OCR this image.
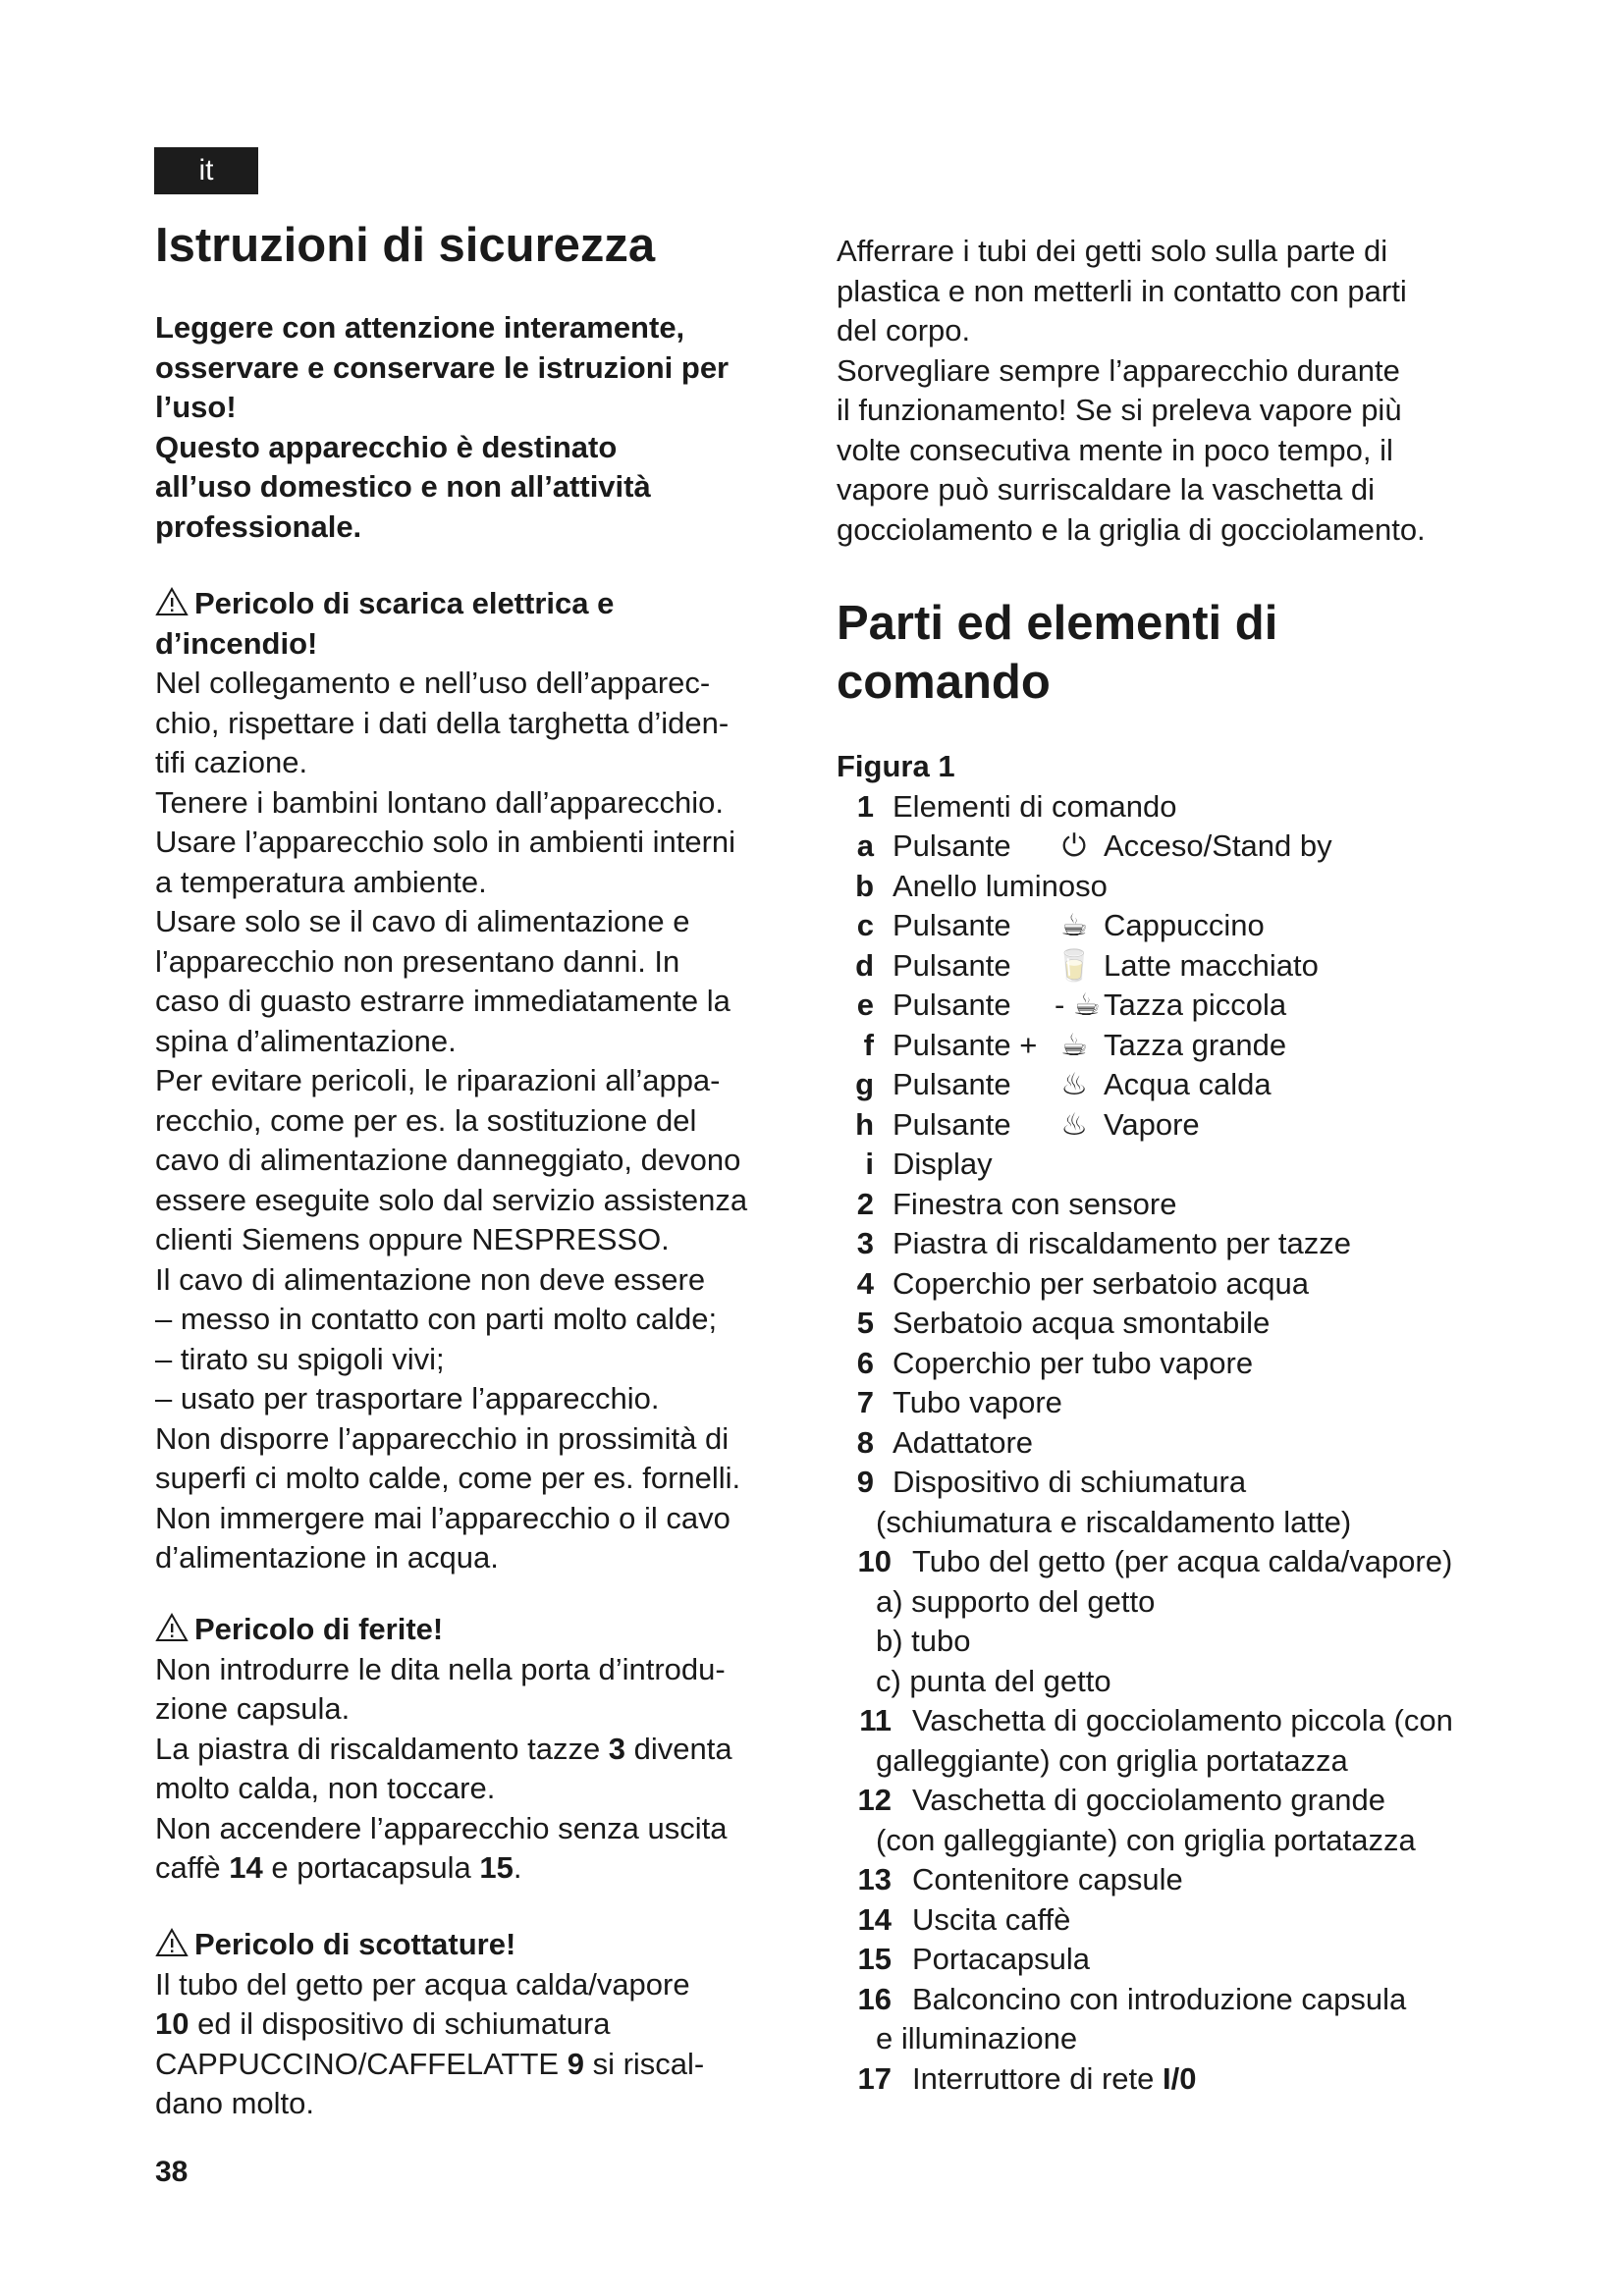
it
Istruzioni di sicurezza
Leggere con attenzione interamente,
osservare e conservare le istruzioni per
l’uso!
Questo apparecchio è destinato
all’uso domestico e non all’attività
professionale.
Pericolo di scarica elettrica e
d’incendio!
Nel collegamento e nell’uso dell’apparec-
chio, rispettare i dati della targhetta d’iden-
tifi cazione.
Tenere i bambini lontano dall’apparecchio.
Usare l’apparecchio solo in ambienti interni
a temperatura ambiente.
Usare solo se il cavo di alimentazione e
l’apparecchio non presentano danni. In
caso di guasto estrarre immediatamente la
spina d’alimentazione.
Per evitare pericoli, le riparazioni all’appa-
recchio, come per es. la sostituzione del
cavo di alimentazione danneggiato, devono
essere eseguite solo dal servizio assistenza
clienti Siemens oppure NESPRESSO.
Il cavo di alimentazione non deve essere
– messo in contatto con parti molto calde;
– tirato su spigoli vivi;
– usato per trasportare l’apparecchio.
Non disporre l’apparecchio in prossimità di
superfi ci molto calde, come per es. fornelli.
Non immergere mai l’apparecchio o il cavo
d’alimentazione in acqua.
Pericolo di ferite!
Non introdurre le dita nella porta d’introdu-
zione capsula.
La piastra di riscaldamento tazze 3 diventa
molto calda, non toccare.
Non accendere l’apparecchio senza uscita
caffè 14 e portacapsula 15.
Pericolo di scottature!
Il tubo del getto per acqua calda/vapore
10 ed il dispositivo di schiumatura
CAPPUCCINO/CAFFELATTE 9 si riscal-
dano molto.
38
Afferrare i tubi dei getti solo sulla parte di
plastica e non metterli in contatto con parti
del corpo.
Sorvegliare sempre l’apparecchio durante
il funzionamento! Se si preleva vapore più
volte consecutiva mente in poco tempo, il
vapore può surriscaldare la vaschetta di
gocciolamento e la griglia di gocciolamento.
Parti ed elementi di
comando
Figura 1
1 Elementi di comando
a Pulsante ⏻ Acceso/Stand by
b Anello luminoso
c Pulsante ☕ Cappuccino
d Pulsante 🥛 Latte macchiato
e Pulsante - ☕ Tazza piccola
f Pulsante + ☕ Tazza grande
g Pulsante ♨ Acqua calda
h Pulsante ♨ Vapore
i Display
2 Finestra con sensore
3 Piastra di riscaldamento per tazze
4 Coperchio per serbatoio acqua
5 Serbatoio acqua smontabile
6 Coperchio per tubo vapore
7 Tubo vapore
8 Adattatore
9 Dispositivo di schiumatura
(schiumatura e riscaldamento latte)
10 Tubo del getto (per acqua calda/vapore)
a) supporto del getto
b) tubo
c) punta del getto
11 Vaschetta di gocciolamento piccola (con
galleggiante) con griglia portatazza
12 Vaschetta di gocciolamento grande
(con galleggiante) con griglia portatazza
13 Contenitore capsule
14 Uscita caffè
15 Portacapsula
16 Balconcino con introduzione capsula
e illuminazione
17 Interruttore di rete I/0
